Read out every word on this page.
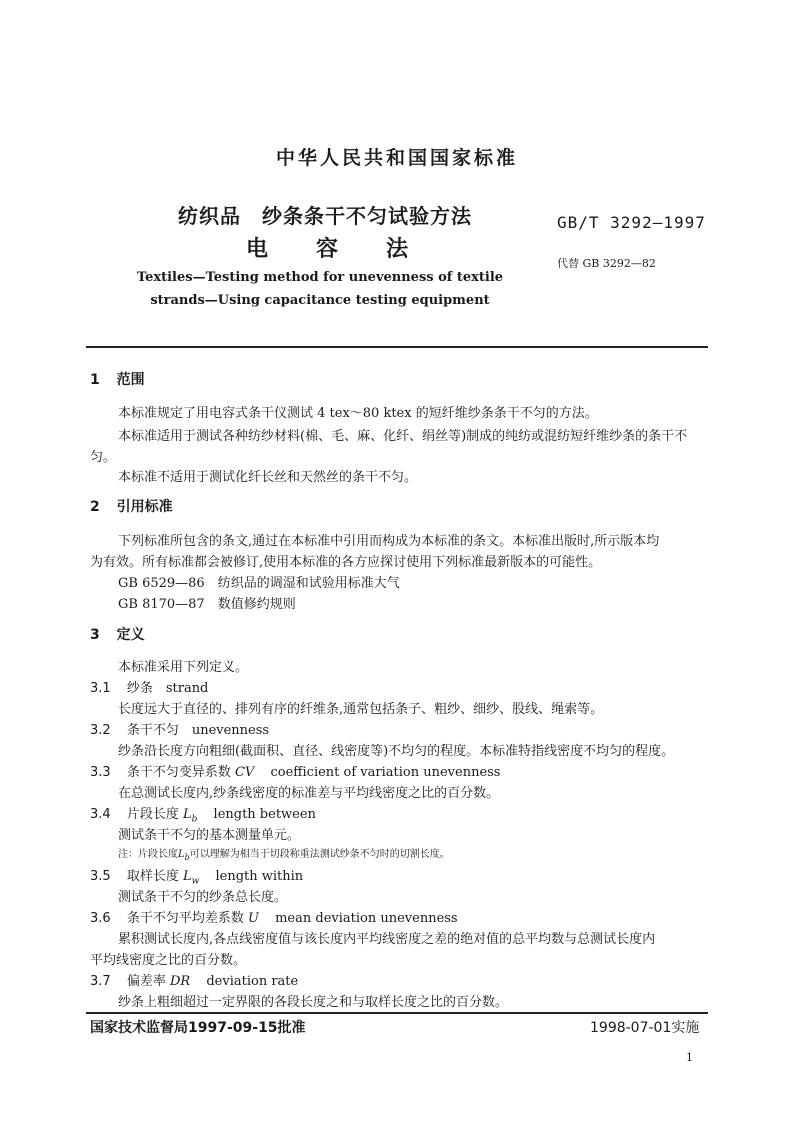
中华人民共和国国家标准
纺织品　纱条条干不匀试验方法
电容法
GB/T 3292—1997
代替 GB 3292—82
Textiles—Testing method for unevenness of textile
strands—Using capacitance testing equipment
1 范围
本标准规定了用电容式条干仪测试 4 tex～80 ktex 的短纤维纱条条干不匀的方法。
本标准适用于测试各种纺纱材料(棉、毛、麻、化纤、绢丝等)制成的纯纺或混纺短纤维纱条的条干不
匀。
本标准不适用于测试化纤长丝和天然丝的条干不匀。
2 引用标准
下列标准所包含的条文,通过在本标准中引用而构成为本标准的条文。本标准出版时,所示版本均
为有效。所有标准都会被修订,使用本标准的各方应探讨使用下列标准最新版本的可能性。
GB 6529—86　纺织品的调湿和试验用标准大气
GB 8170—87　数值修约规则
3 定义
本标准采用下列定义。
3.1 纱条　strand
长度远大于直径的、排列有序的纤维条,通常包括条子、粗纱、细纱、股线、绳索等。
3.2 条干不匀　unevenness
纱条沿长度方向粗细(截面积、直径、线密度等)不均匀的程度。本标准特指线密度不均匀的程度。
3.3 条干不匀变异系数 CV coefficient of variation unevenness
在总测试长度内,纱条线密度的标准差与平均线密度之比的百分数。
3.4 片段长度 $L_b$ length between
测试条干不匀的基本测量单元。
注：片段长度$L_b$可以理解为相当于切段称重法测试纱条不匀时的切割长度。
3.5 取样长度 $L_w$ length within
测试条干不匀的纱条总长度。
3.6 条干不匀平均差系数 U mean deviation unevenness
累积测试长度内,各点线密度值与该长度内平均线密度之差的绝对值的总平均数与总测试长度内
平均线密度之比的百分数。
3.7 偏差率 DR deviation rate
纱条上粗细超过一定界限的各段长度之和与取样长度之比的百分数。
国家技术监督局1997-09-15批准	1998-07-01实施
1
